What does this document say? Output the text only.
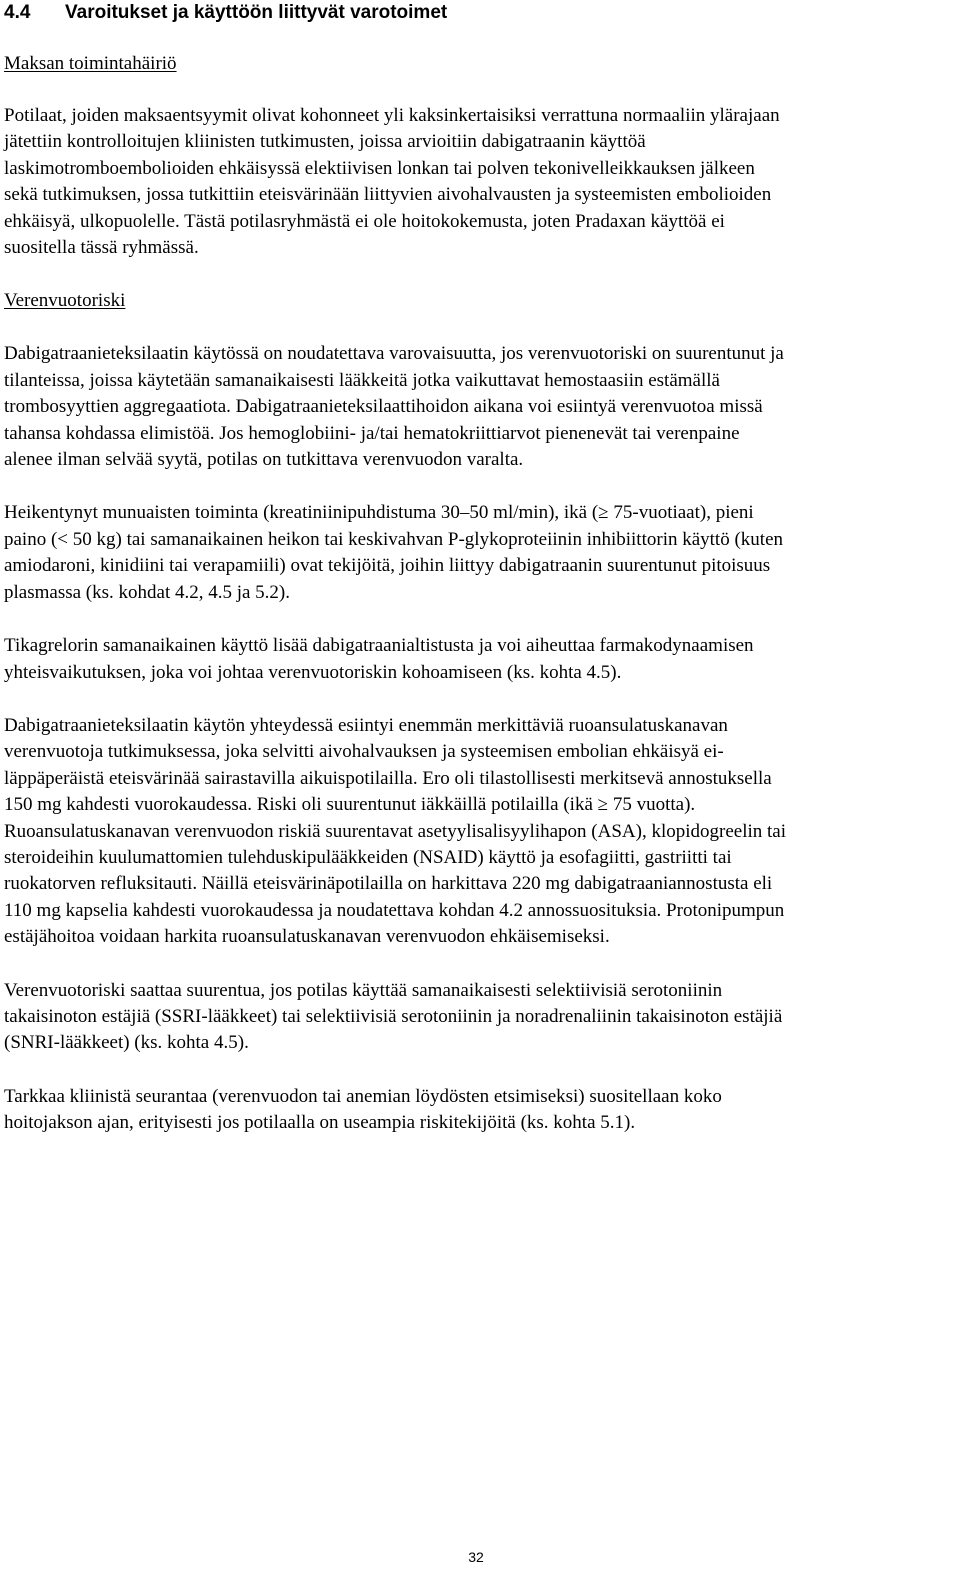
4.4 Varoitukset ja käyttöön liittyvät varotoimet
Maksan toimintahäiriö

Potilaat, joiden maksaentsyymit olivat kohonneet yli kaksinkertaisiksi verrattuna normaaliin ylärajaan
jätettiin kontrolloitujen kliinisten tutkimusten, joissa arvioitiin dabigatraanin käyttöä
laskimotromboembolioiden ehkäisyssä elektiivisen lonkan tai polven tekonivelleikkauksen jälkeen
sekä tutkimuksen, jossa tutkittiin eteisvärinään liittyvien aivohalvausten ja systeemisten embolioiden
ehkäisyä, ulkopuolelle. Tästä potilasryhmästä ei ole hoitokokemusta, joten Pradaxan käyttöä ei
suositella tässä ryhmässä.

Verenvuotoriski

Dabigatraanieteksilaatin käytössä on noudatettava varovaisuutta, jos verenvuotoriski on suurentunut ja
tilanteissa, joissa käytetään samanaikaisesti lääkkeitä jotka vaikuttavat hemostaasiin estämällä
trombosyyttien aggregaatiota. Dabigatraanieteksilaattihoidon aikana voi esiintyä verenvuotoa missä
tahansa kohdassa elimistöä. Jos hemoglobiini- ja/tai hematokriittiarvot pienenevät tai verenpaine
alenee ilman selvää syytä, potilas on tutkittava verenvuodon varalta.

Heikentynyt munuaisten toiminta (kreatiniinipuhdistuma 30–50 ml/min), ikä (≥ 75-vuotiaat), pieni
paino (< 50 kg) tai samanaikainen heikon tai keskivahvan P-glykoproteiinin inhibiittorin käyttö (kuten
amiodaroni, kinidiini tai verapamiili) ovat tekijöitä, joihin liittyy dabigatraanin suurentunut pitoisuus
plasmassa (ks. kohdat 4.2, 4.5 ja 5.2).

Tikagrelorin samanaikainen käyttö lisää dabigatraanialtistusta ja voi aiheuttaa farmakodynaamisen
yhteisvaikutuksen, joka voi johtaa verenvuotoriskin kohoamiseen (ks. kohta 4.5).

Dabigatraanieteksilaatin käytön yhteydessä esiintyi enemmän merkittäviä ruoansulatuskanavan
verenvuotoja tutkimuksessa, joka selvitti aivohalvauksen ja systeemisen embolian ehkäisyä ei-
läppäperäistä eteisvärinää sairastavilla aikuispotilailla. Ero oli tilastollisesti merkitsevä annostuksella
150 mg kahdesti vuorokaudessa. Riski oli suurentunut iäkkäillä potilailla (ikä ≥ 75 vuotta).
Ruoansulatuskanavan verenvuodon riskiä suurentavat asetyylisalisyylihapon (ASA), klopidogreelin tai
steroideihin kuulumattomien tulehduskipulääkkeiden (NSAID) käyttö ja esofagiitti, gastriitti tai
ruokatorven refluksitauti. Näillä eteisvärinäpotilailla on harkittava 220 mg dabigatraaniannostusta eli
110 mg kapselia kahdesti vuorokaudessa ja noudatettava kohdan 4.2 annossuosituksia. Protonipumpun
estäjähoitoa voidaan harkita ruoansulatuskanavan verenvuodon ehkäisemiseksi.

Verenvuotoriski saattaa suurentua, jos potilas käyttää samanaikaisesti selektiivisiä serotoniinin
takaisinoton estäjiä (SSRI-lääkkeet) tai selektiivisiä serotoniinin ja noradrenaliinin takaisinoton estäjiä
(SNRI-lääkkeet) (ks. kohta 4.5).

Tarkkaa kliinistä seurantaa (verenvuodon tai anemian löydösten etsimiseksi) suositellaan koko
hoitojakson ajan, erityisesti jos potilaalla on useampia riskitekijöitä (ks. kohta 5.1).

32
